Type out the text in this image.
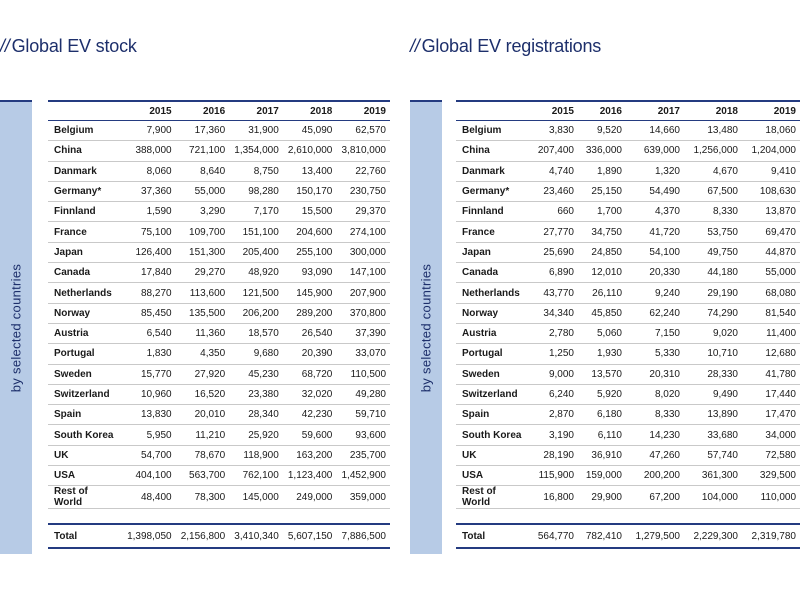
// Global EV stock
by selected countries
	2015	2016	2017	2018	2019
Belgium	7,900	17,360	31,900	45,090	62,570
China	388,000	721,100	1,354,000	2,610,000	3,810,000
Danmark	8,060	8,640	8,750	13,400	22,760
Germany*	37,360	55,000	98,280	150,170	230,750
Finnland	1,590	3,290	7,170	15,500	29,370
France	75,100	109,700	151,100	204,600	274,100
Japan	126,400	151,300	205,400	255,100	300,000
Canada	17,840	29,270	48,920	93,090	147,100
Netherlands	88,270	113,600	121,500	145,900	207,900
Norway	85,450	135,500	206,200	289,200	370,800
Austria	6,540	11,360	18,570	26,540	37,390
Portugal	1,830	4,350	9,680	20,390	33,070
Sweden	15,770	27,920	45,230	68,720	110,500
Switzerland	10,960	16,520	23,380	32,020	49,280
Spain	13,830	20,010	28,340	42,230	59,710
South Korea	5,950	11,210	25,920	59,600	93,600
UK	54,700	78,670	118,900	163,200	235,700
USA	404,100	563,700	762,100	1,123,400	1,452,900
Rest of World	48,400	78,300	145,000	249,000	359,000

Total	1,398,050	2,156,800	3,410,340	5,607,150	7,886,500
// Global EV registrations
by selected countries
	2015	2016	2017	2018	2019
Belgium	3,830	9,520	14,660	13,480	18,060
China	207,400	336,000	639,000	1,256,000	1,204,000
Danmark	4,740	1,890	1,320	4,670	9,410
Germany*	23,460	25,150	54,490	67,500	108,630
Finnland	660	1,700	4,370	8,330	13,870
France	27,770	34,750	41,720	53,750	69,470
Japan	25,690	24,850	54,100	49,750	44,870
Canada	6,890	12,010	20,330	44,180	55,000
Netherlands	43,770	26,110	9,240	29,190	68,080
Norway	34,340	45,850	62,240	74,290	81,540
Austria	2,780	5,060	7,150	9,020	11,400
Portugal	1,250	1,930	5,330	10,710	12,680
Sweden	9,000	13,570	20,310	28,330	41,780
Switzerland	6,240	5,920	8,020	9,490	17,440
Spain	2,870	6,180	8,330	13,890	17,470
South Korea	3,190	6,110	14,230	33,680	34,000
UK	28,190	36,910	47,260	57,740	72,580
USA	115,900	159,000	200,200	361,300	329,500
Rest of World	16,800	29,900	67,200	104,000	110,000

Total	564,770	782,410	1,279,500	2,229,300	2,319,780
